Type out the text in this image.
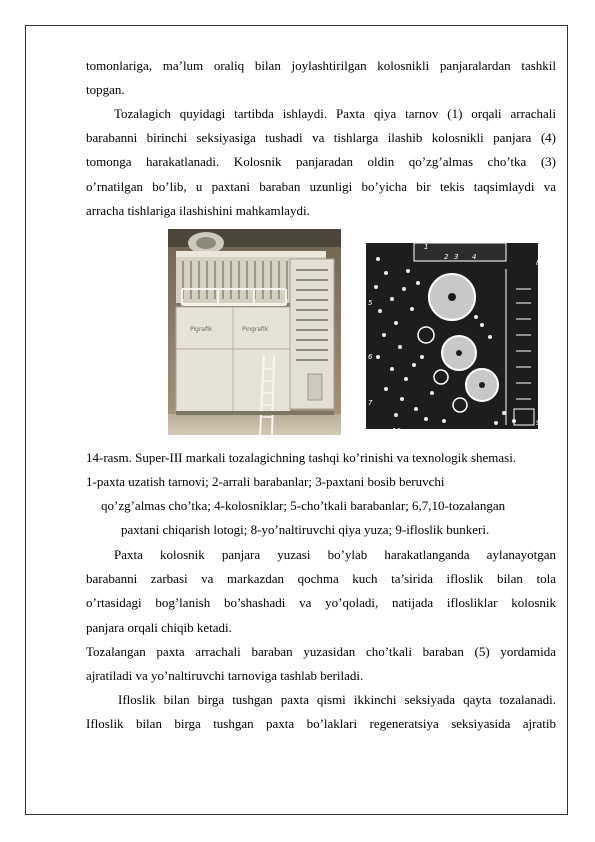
tomonlariga, ma’lum oraliq bilan joylashtirilgan kolosnikli panjaralardan tashkil
topgan.
Tozalagich quyidagi tartibda ishlaydi. Paxta qiya tarnov (1) orqali arrachali
barabanni birinchi seksiyasiga tushadi va tishlarga ilashib kolosnikli panjara (4)
tomonga harakatlanadi. Kolosnik panjaradan oldin qo’zg’almas cho’tka (3)
o’rnatilgan bo’lib, u paxtani baraban uzunligi bo’yicha bir tekis taqsimlaydi va
arracha tishlariga ilashishini mahkamlaydi.
Pigrafik	Pingrafik
1
2 3 4
5
6
7
8
9
10
14-rasm. Super-III markali tozalagichning tashqi ko’rinishi va texnologik shemasi.
1-paxta uzatish tarnovi; 2-arrali barabanlar; 3-paxtani bosib beruvchi
qo’zg’almas cho’tka; 4-kolosniklar; 5-cho’tkali barabanlar; 6,7,10-tozalangan
paxtani chiqarish lotogi; 8-yo’naltiruvchi qiya yuza; 9-ifloslik bunkeri.
Paxta kolosnik panjara yuzasi bo’ylab harakatlanganda aylanayotgan
barabanni zarbasi va markazdan qochma kuch ta’sirida ifloslik bilan tola
o’rtasidagi bog’lanish bo’shashadi va yo’qoladi, natijada iflosliklar kolosnik
panjara orqali chiqib ketadi.
Tozalangan paxta arrachali baraban yuzasidan cho’tkali baraban (5) yordamida
ajratiladi va yo’naltiruvchi tarnoviga tashlab beriladi.
Ifloslik bilan birga tushgan paxta qismi ikkinchi seksiyada qayta tozalanadi.
Ifloslik bilan birga tushgan paxta bo’laklari regeneratsiya seksiyasida ajratib
